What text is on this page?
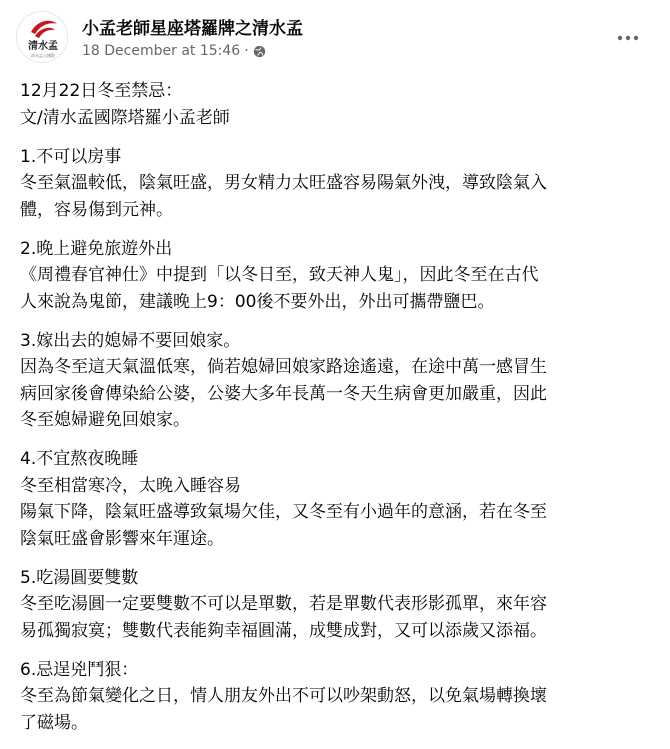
清水孟
清水孟の國際
小孟老師星座塔羅牌之清水孟
18 December at 15:46 ·
12月22日冬至禁忌：
文/清水孟國際塔羅小孟老師
1.不可以房事
冬至氣溫較低，陰氣旺盛，男女精力太旺盛容易陽氣外洩，導致陰氣入
體，容易傷到元神。
2.晚上避免旅遊外出
《周禮春官神仕》中提到「以冬日至，致天神人鬼」，因此冬至在古代
人來說為鬼節，建議晚上9：00後不要外出，外出可攜帶鹽巴。
3.嫁出去的媳婦不要回娘家。
因為冬至這天氣溫低寒，倘若媳婦回娘家路途遙遠，在途中萬一感冒生
病回家後會傳染給公婆，公婆大多年長萬一冬天生病會更加嚴重，因此
冬至媳婦避免回娘家。
4.不宜熬夜晚睡
冬至相當寒冷，太晚入睡容易
陽氣下降，陰氣旺盛導致氣場欠佳，又冬至有小過年的意涵，若在冬至
陰氣旺盛會影響來年運途。
5.吃湯圓要雙數
冬至吃湯圓一定要雙數不可以是單數，若是單數代表形影孤單，來年容
易孤獨寂寞；雙數代表能夠幸福圓滿，成雙成對，又可以添歲又添福。
6.忌逞兇鬥狠：
冬至為節氣變化之日，情人朋友外出不可以吵架動怒，以免氣場轉換壞
了磁場。
